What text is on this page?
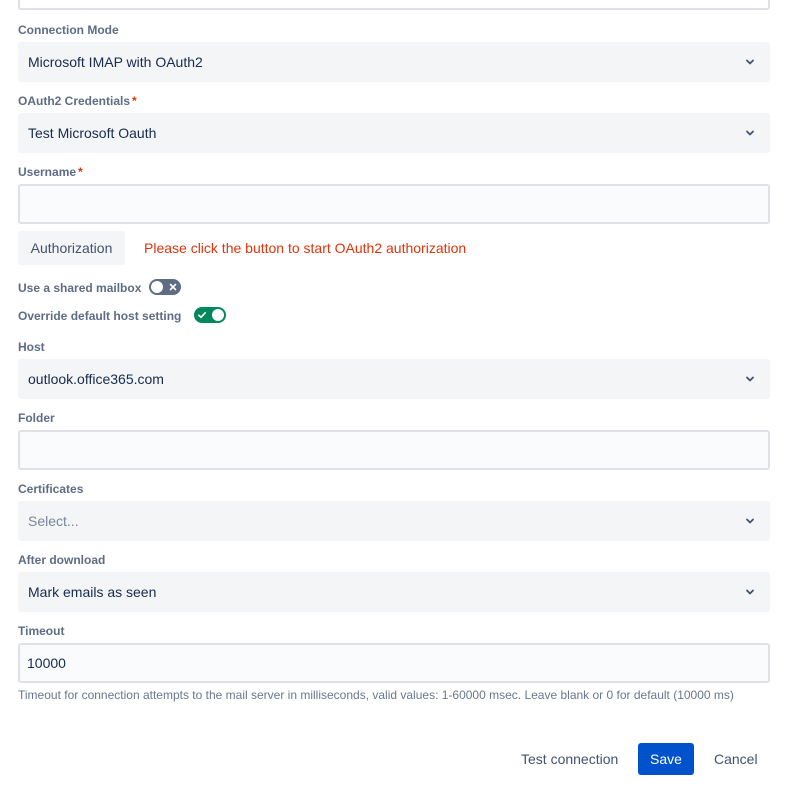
Connection Mode
Microsoft IMAP with OAuth2
OAuth2 Credentials *
Test Microsoft Oauth
Username *
Authorization Please click the button to start OAuth2 authorization
Use a shared mailbox
Override default host setting
Host
outlook.office365.com
Folder
Certificates
Select...
After download
Mark emails as seen
Timeout
10000
Timeout for connection attempts to the mail server in milliseconds, valid values: 1-60000 msec. Leave blank or 0 for default (10000 ms)
Test connection Save Cancel
